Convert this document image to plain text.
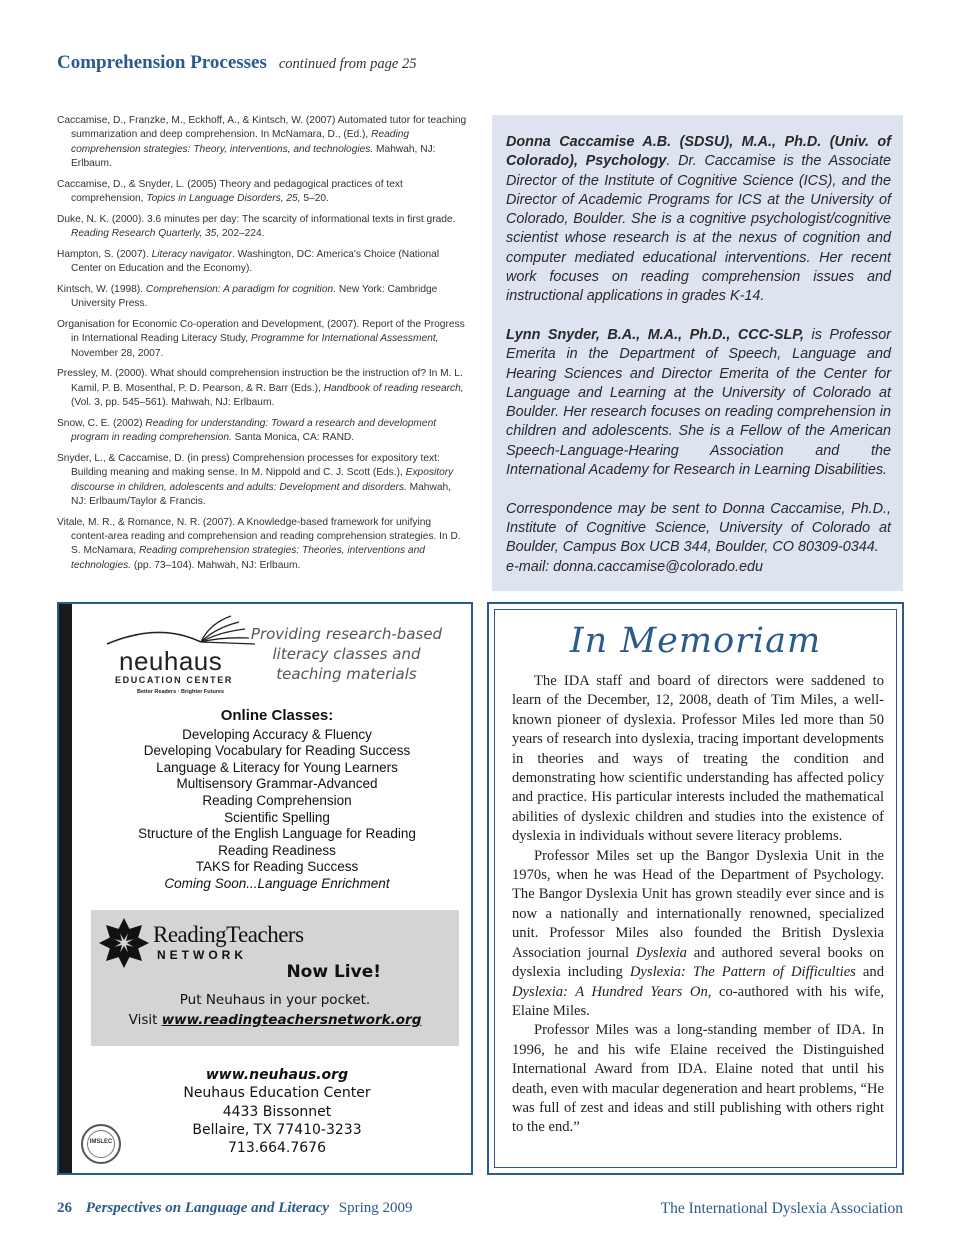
Comprehension Processes continued from page 25
Caccamise, D., Franzke, M., Eckhoff, A., & Kintsch, W. (2007) Automated tutor for teaching summarization and deep comprehension. In McNamara, D., (Ed.), Reading comprehension strategies: Theory, interventions, and technologies. Mahwah, NJ: Erlbaum.
Caccamise, D., & Snyder, L. (2005) Theory and pedagogical practices of text comprehension, Topics in Language Disorders, 25, 5–20.
Duke, N. K. (2000). 3.6 minutes per day: The scarcity of informational texts in first grade. Reading Research Quarterly, 35, 202–224.
Hampton, S. (2007). Literacy navigator. Washington, DC: America's Choice (National Center on Education and the Economy).
Kintsch, W. (1998). Comprehension: A paradigm for cognition. New York: Cambridge University Press.
Organisation for Economic Co-operation and Development, (2007). Report of the Progress in International Reading Literacy Study, Programme for International Assessment, November 28, 2007.
Pressley, M. (2000). What should comprehension instruction be the instruction of? In M. L. Kamil, P. B. Mosenthal, P. D. Pearson, & R. Barr (Eds.), Handbook of reading research, (Vol. 3, pp. 545–561). Mahwah, NJ: Erlbaum.
Snow, C. E. (2002) Reading for understanding: Toward a research and development program in reading comprehension. Santa Monica, CA: RAND.
Snyder, L., & Caccamise, D. (in press) Comprehension processes for expository text: Building meaning and making sense. In M. Nippold and C. J. Scott (Eds.), Expository discourse in children, adolescents and adults: Development and disorders. Mahwah, NJ: Erlbaum/Taylor & Francis.
Vitale, M. R., & Romance, N. R. (2007). A Knowledge-based framework for unifying content-area reading and comprehension and reading comprehension strategies. In D. S. McNamara, Reading comprehension strategies: Theories, interventions and technologies. (pp. 73–104). Mahwah, NJ: Erlbaum.

Donna Caccamise A.B. (SDSU), M.A., Ph.D. (Univ. of Colorado), Psychology. Dr. Caccamise is the Associate Director of the Institute of Cognitive Science (ICS), and the Director of Academic Programs for ICS at the University of Colorado, Boulder. She is a cognitive psychologist/cognitive scientist whose research is at the nexus of cognition and computer mediated educational interventions. Her recent work focuses on reading comprehension issues and instructional applications in grades K-14.

Lynn Snyder, B.A., M.A., Ph.D., CCC-SLP, is Professor Emerita in the Department of Speech, Language and Hearing Sciences and Director Emerita of the Center for Language and Learning at the University of Colorado at Boulder. Her research focuses on reading comprehension in children and adolescents. She is a Fellow of the American Speech-Language-Hearing Association and the International Academy for Research in Learning Disabilities.

Correspondence may be sent to Donna Caccamise, Ph.D., Institute of Cognitive Science, University of Colorado at Boulder, Campus Box UCB 344, Boulder, CO 80309-0344.
e-mail: donna.caccamise@colorado.edu

neuhaus
EDUCATION CENTER
Better Readers · Brighter Futures
Providing research-based literacy classes and teaching materials
Online Classes:
Developing Accuracy & Fluency
Developing Vocabulary for Reading Success
Language & Literacy for Young Learners
Multisensory Grammar-Advanced
Reading Comprehension
Scientific Spelling
Structure of the English Language for Reading
Reading Readiness
TAKS for Reading Success
Coming Soon...Language Enrichment
ReadingTeachers
NETWORK
Now Live!
Put Neuhaus in your pocket.
Visit www.readingteachersnetwork.org
www.neuhaus.org
Neuhaus Education Center
4433 Bissonnet
Bellaire, TX 77410-3233
713.664.7676
IMSLEC
In Memoriam

The IDA staff and board of directors were saddened to learn of the December, 12, 2008, death of Tim Miles, a well-known pioneer of dyslexia. Professor Miles led more than 50 years of research into dyslexia, tracing important developments in theories and ways of treating the condition and demonstrating how scientific understanding has affected policy and practice. His particular interests included the mathematical abilities of dyslexic children and studies into the existence of dyslexia in individuals without severe literacy problems.

Professor Miles set up the Bangor Dyslexia Unit in the 1970s, when he was Head of the Department of Psychology. The Bangor Dyslexia Unit has grown steadily ever since and is now a nationally and internationally renowned, specialized unit. Professor Miles also founded the British Dyslexia Association journal Dyslexia and authored several books on dyslexia including Dyslexia: The Pattern of Difficulties and Dyslexia: A Hundred Years On, co-authored with his wife, Elaine Miles.

Professor Miles was a long-standing member of IDA. In 1996, he and his wife Elaine received the Distinguished International Award from IDA. Elaine noted that until his death, even with macular degeneration and heart problems, “He was full of zest and ideas and still publishing with others right to the end.”

26 Perspectives on Language and Literacy Spring 2009	The International Dyslexia Association
